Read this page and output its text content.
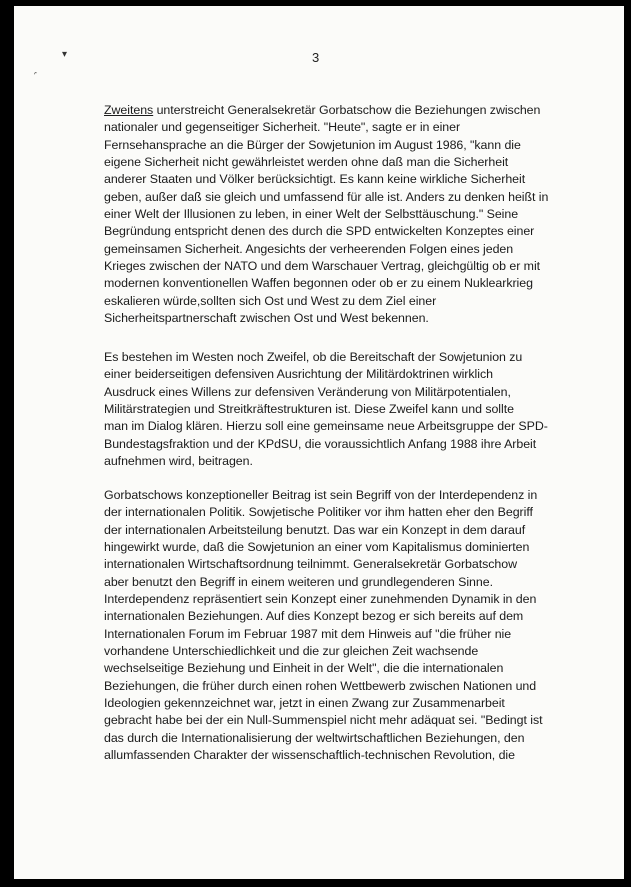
▾
ˆ
3

Zweitens unterstreicht Generalsekretär Gorbatschow die Beziehungen zwischen
nationaler und gegenseitiger Sicherheit. "Heute", sagte er in einer
Fernsehansprache an die Bürger der Sowjetunion im August 1986, "kann die
eigene Sicherheit nicht gewährleistet werden ohne daß man die Sicherheit
anderer Staaten und Völker berücksichtigt. Es kann keine wirkliche Sicherheit
geben, außer daß sie gleich und umfassend für alle ist. Anders zu denken heißt in
einer Welt der Illusionen zu leben, in einer Welt der Selbsttäuschung." Seine
Begründung entspricht denen des durch die SPD entwickelten Konzeptes einer
gemeinsamen Sicherheit. Angesichts der verheerenden Folgen eines jeden
Krieges zwischen der NATO und dem Warschauer Vertrag, gleichgültig ob er mit
modernen konventionellen Waffen begonnen oder ob er zu einem Nuklearkrieg
eskalieren würde,sollten sich Ost und West zu dem Ziel einer
Sicherheitspartnerschaft zwischen Ost und West bekennen.

Es bestehen im Westen noch Zweifel, ob die Bereitschaft der Sowjetunion zu
einer beiderseitigen defensiven Ausrichtung der Militärdoktrinen wirklich
Ausdruck eines Willens zur defensiven Veränderung von Militärpotentialen,
Militärstrategien und Streitkräftestrukturen ist. Diese Zweifel kann und sollte
man im Dialog klären. Hierzu soll eine gemeinsame neue Arbeitsgruppe der SPD-
Bundestagsfraktion und der KPdSU, die voraussichtlich Anfang 1988 ihre Arbeit
aufnehmen wird, beitragen.

Gorbatschows konzeptioneller Beitrag ist sein Begriff von der Interdependenz in
der internationalen Politik. Sowjetische Politiker vor ihm hatten eher den Begriff
der internationalen Arbeitsteilung benutzt. Das war ein Konzept in dem darauf
hingewirkt wurde, daß die Sowjetunion an einer vom Kapitalismus dominierten
internationalen Wirtschaftsordnung teilnimmt. Generalsekretär Gorbatschow
aber benutzt den Begriff in einem weiteren und grundlegenderen Sinne.
Interdependenz repräsentiert sein Konzept einer zunehmenden Dynamik in den
internationalen Beziehungen. Auf dies Konzept bezog er sich bereits auf dem
Internationalen Forum im Februar 1987 mit dem Hinweis auf "die früher nie
vorhandene Unterschiedlichkeit und die zur gleichen Zeit wachsende
wechselseitige Beziehung und Einheit in der Welt", die die internationalen
Beziehungen, die früher durch einen rohen Wettbewerb zwischen Nationen und
Ideologien gekennzeichnet war, jetzt in einen Zwang zur Zusammenarbeit
gebracht habe bei der ein Null-Summenspiel nicht mehr adäquat sei. "Bedingt ist
das durch die Internationalisierung der weltwirtschaftlichen Beziehungen, den
allumfassenden Charakter der wissenschaftlich-technischen Revolution, die
